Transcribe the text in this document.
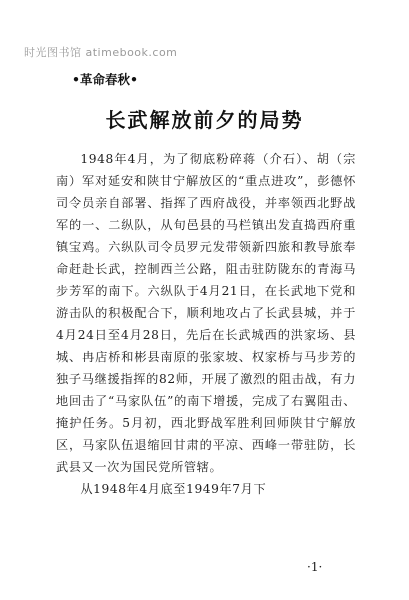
时光图书馆 atimebook.com
•革命春秋•
长武解放前夕的局势

1948年4月，为了彻底粉碎蒋（介石）、胡（宗南）军对延安和陕甘宁解放区的“重点进攻”，彭德怀司令员亲自部署、指挥了西府战役，并率领西北野战军的一、二纵队，从旬邑县的马栏镇出发直捣西府重镇宝鸡。六纵队司令员罗元发带领新四旅和教导旅奉命赶赴长武，控制西兰公路，阻击驻防陇东的青海马步芳军的南下。六纵队于4月21日，在长武地下党和游击队的积极配合下，顺利地攻占了长武县城，并于4月24日至4月28日，先后在长武城西的洪家场、县城、冉店桥和彬县南原的张家坡、权家桥与马步芳的独子马继援指挥的82师，开展了激烈的阻击战，有力地回击了“马家队伍”的南下增援，完成了右翼阻击、掩护任务。5月初，西北野战军胜利回师陕甘宁解放区，马家队伍退缩回甘肃的平凉、西峰一带驻防，长武县又一次为国民党所管辖。

从1948年4月底至1949年7月下

·1·
